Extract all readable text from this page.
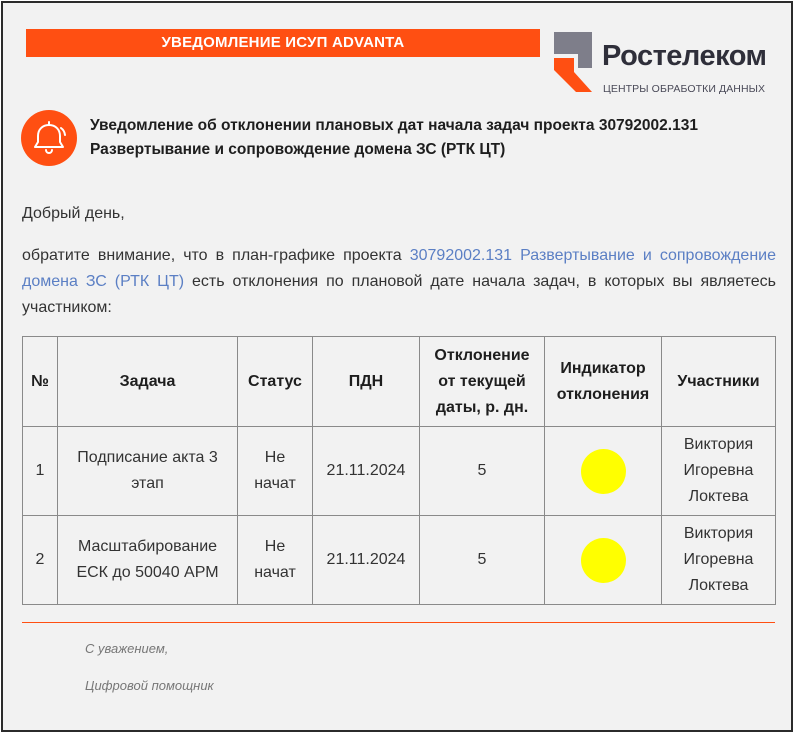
УВЕДОМЛЕНИЕ ИСУП ADVANTA	Ростелеком
ЦЕНТРЫ ОБРАБОТКИ ДАННЫХ
Уведомление об отклонении плановых дат начала задач проекта 30792002.131
Развертывание и сопровождение домена ЗС (РТК ЦТ)
Добрый день,
обратите внимание, что в план-графике проекта 30792002.131 Развертывание и сопровождение домена ЗС (РТК ЦТ) есть отклонения по плановой дате начала задач, в которых вы являетесь участником:
№	Задача	Статус	ПДН	Отклонение от текущей даты, р. дн.	Индикатор отклонения	Участники
1	Подписание акта 3 этап	Не начат	21.11.2024	5		Виктория Игоревна Локтева
2	Масштабирование ЕСК до 50040 АРМ	Не начат	21.11.2024	5		Виктория Игоревна Локтева
С уважением,
Цифровой помощник
